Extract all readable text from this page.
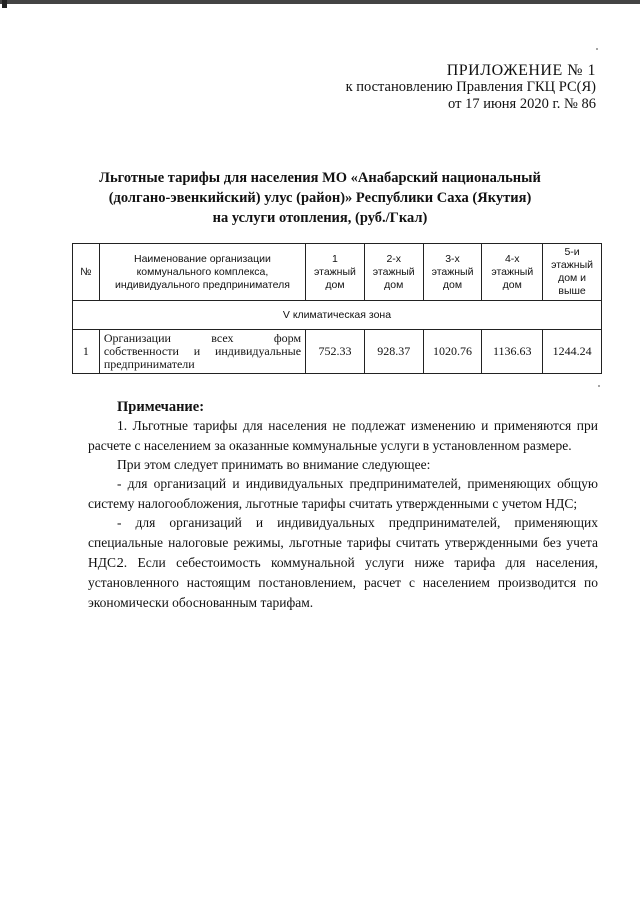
ПРИЛОЖЕНИЕ № 1
к постановлению Правления ГКЦ РС(Я)
от 17 июня 2020 г. № 86
Льготные тарифы для населения МО «Анабарский национальный
(долгано-эвенкийский) улус (район)» Республики Саха (Якутия)
на услуги отопления, (руб./Гкал)
№	Наименование организации коммунального комплекса, индивидуального предпринимателя	1 этажный дом	2-х этажный дом	3-х этажный дом	4-х этажный дом	5-и этажный дом и выше
V климатическая зона						
1	Организации всех форм собственности и индивидуальные предприниматели	752.33	928.37	1020.76	1136.63	1244.24
Примечание:
1. Льготные тарифы для населения не подлежат изменению и применяются при расчете с населением за оказанные коммунальные услуги в установленном размере.
При этом следует принимать во внимание следующее:
- для организаций и индивидуальных предпринимателей, применяющих общую систему налогообложения, льготные тарифы считать утвержденными с учетом НДС;
- для организаций и индивидуальных предпринимателей, применяющих специальные налоговые режимы, льготные тарифы считать утвержденными без учета НДС.
2. Если себестоимость коммунальной услуги ниже тарифа для населения, установленного настоящим постановлением, расчет с населением производится по экономически обоснованным тарифам.
